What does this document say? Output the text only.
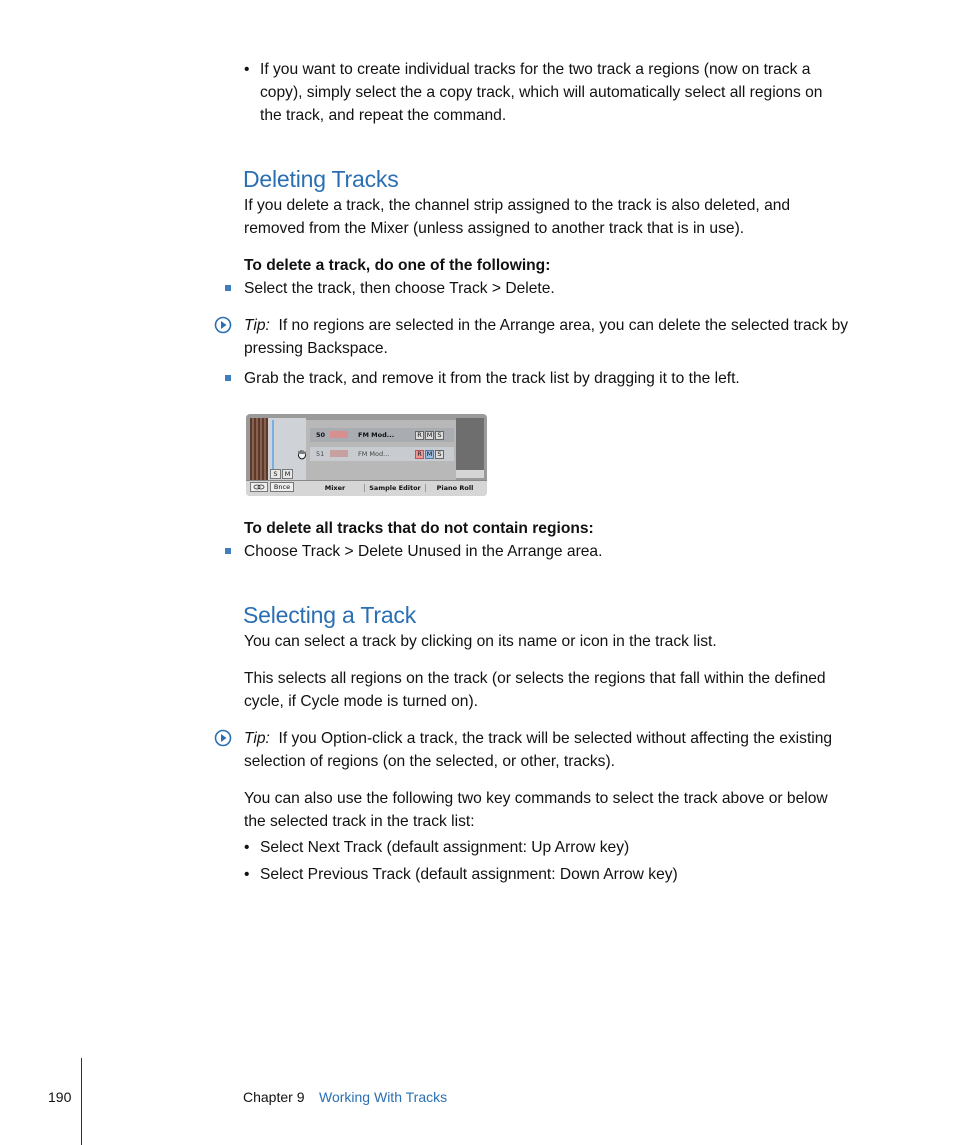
• If you want to create individual tracks for the two track a regions (now on track a
copy), simply select the a copy track, which will automatically select all regions on
the track, and repeat the command.
Deleting Tracks
If you delete a track, the channel strip assigned to the track is also deleted, and
removed from the Mixer (unless assigned to another track that is in use).
To delete a track, do one of the following:
Select the track, then choose Track > Delete.
Tip: If no regions are selected in the Arrange area, you can delete the selected track by
pressing Backspace.
Grab the track, and remove it from the track list by dragging it to the left.
S	M
50	FM Mod...	R M S
51	FM Mod...	R M S
Bnce	Mixer	Sample Editor	Piano Roll
To delete all tracks that do not contain regions:
Choose Track > Delete Unused in the Arrange area.
Selecting a Track
You can select a track by clicking on its name or icon in the track list.
This selects all regions on the track (or selects the regions that fall within the defined
cycle, if Cycle mode is turned on).
Tip: If you Option-click a track, the track will be selected without affecting the existing
selection of regions (on the selected, or other, tracks).
You can also use the following two key commands to select the track above or below
the selected track in the track list:
• Select Next Track (default assignment: Up Arrow key)
• Select Previous Track (default assignment: Down Arrow key)
190	Chapter 9 Working With Tracks
